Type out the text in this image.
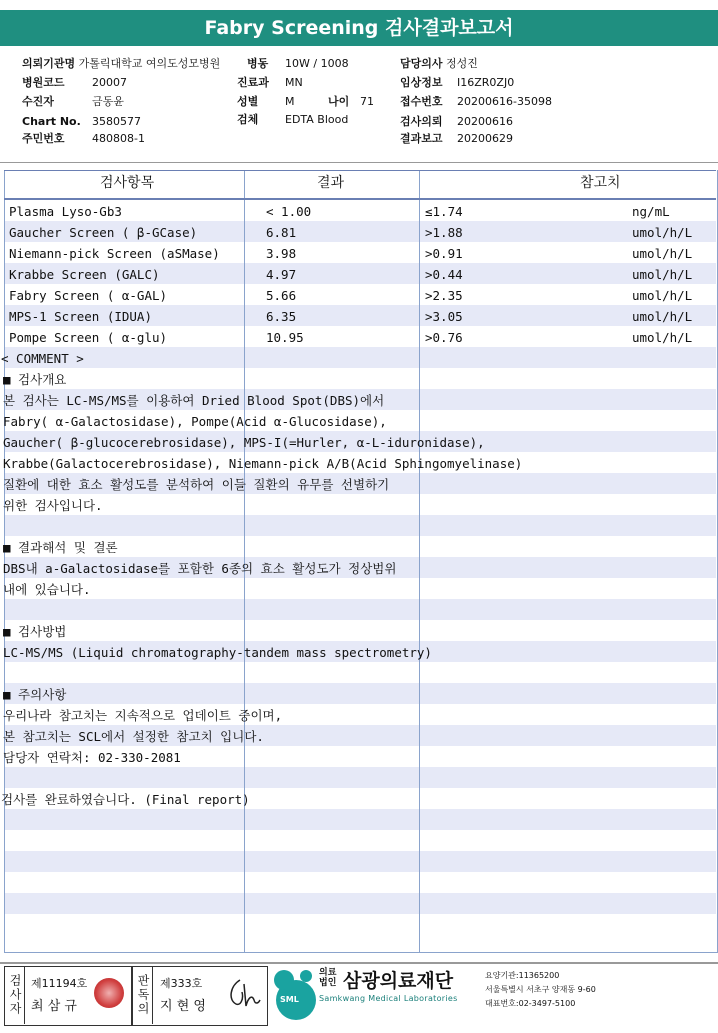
Fabry Screening 검사결과보고서
의뢰기관명 가톨릭대학교 여의도성모병원 병동 10W / 1008	담당의사 정성진
병원코드 20007	진료과 MN	임상정보 I16ZR0ZJ0
수진자	금동윤	성별 M	나이 71 접수번호 20200616-35098
Chart No. 3580577	검체 EDTA Blood	검사의뢰 20200616
주민번호 480808-1	결과보고 20200629
검사항목	결과	참고치
Plasma Lyso-Gb3	< 1.00	≤1.74	ng/mL
Gaucher Screen ( β-GCase)	6.81	>1.88	umol/h/L
Niemann-pick Screen (aSMase)	3.98	>0.91	umol/h/L
Krabbe Screen (GALC)	4.97	>0.44	umol/h/L
Fabry Screen ( α-GAL)	5.66	>2.35	umol/h/L
MPS-1 Screen (IDUA)	6.35	>3.05	umol/h/L
Pompe Screen ( α-glu)	10.95	>0.76	umol/h/L
< COMMENT >
■ 검사개요
본 검사는 LC-MS/MS를 이용하여 Dried Blood Spot(DBS)에서
Fabry( α-Galactosidase), Pompe(Acid α-Glucosidase),
Gaucher( β-glucocerebrosidase), MPS-I(=Hurler, α-L-iduronidase),
Krabbe(Galactocerebrosidase), Niemann-pick A/B(Acid Sphingomyelinase)
질환에 대한 효소 활성도를 분석하여 이들 질환의 유무를 선별하기
위한 검사입니다.
■ 결과해석 및 결론
DBS내 a-Galactosidase를 포함한 6종의 효소 활성도가 정상범위
내에 있습니다.
■ 검사방법
LC-MS/MS (Liquid chromatography-tandem mass spectrometry)
■ 주의사항
우리나라 참고치는 지속적으로 업데이트 중이며,
본 참고치는 SCL에서 설정한 참고치 입니다.
담당자 연락처: 02-330-2081
검사를 완료하였습니다. (Final report)
검사자 제11194호
최 삼 규	판독의 제333호
지 현 영	SML
의료법인 삼광의료재단
Samkwang Medical Laboratories
요양기관:11365200
서울특별시 서초구 양재동 9-60
대표번호:02-3497-5100
